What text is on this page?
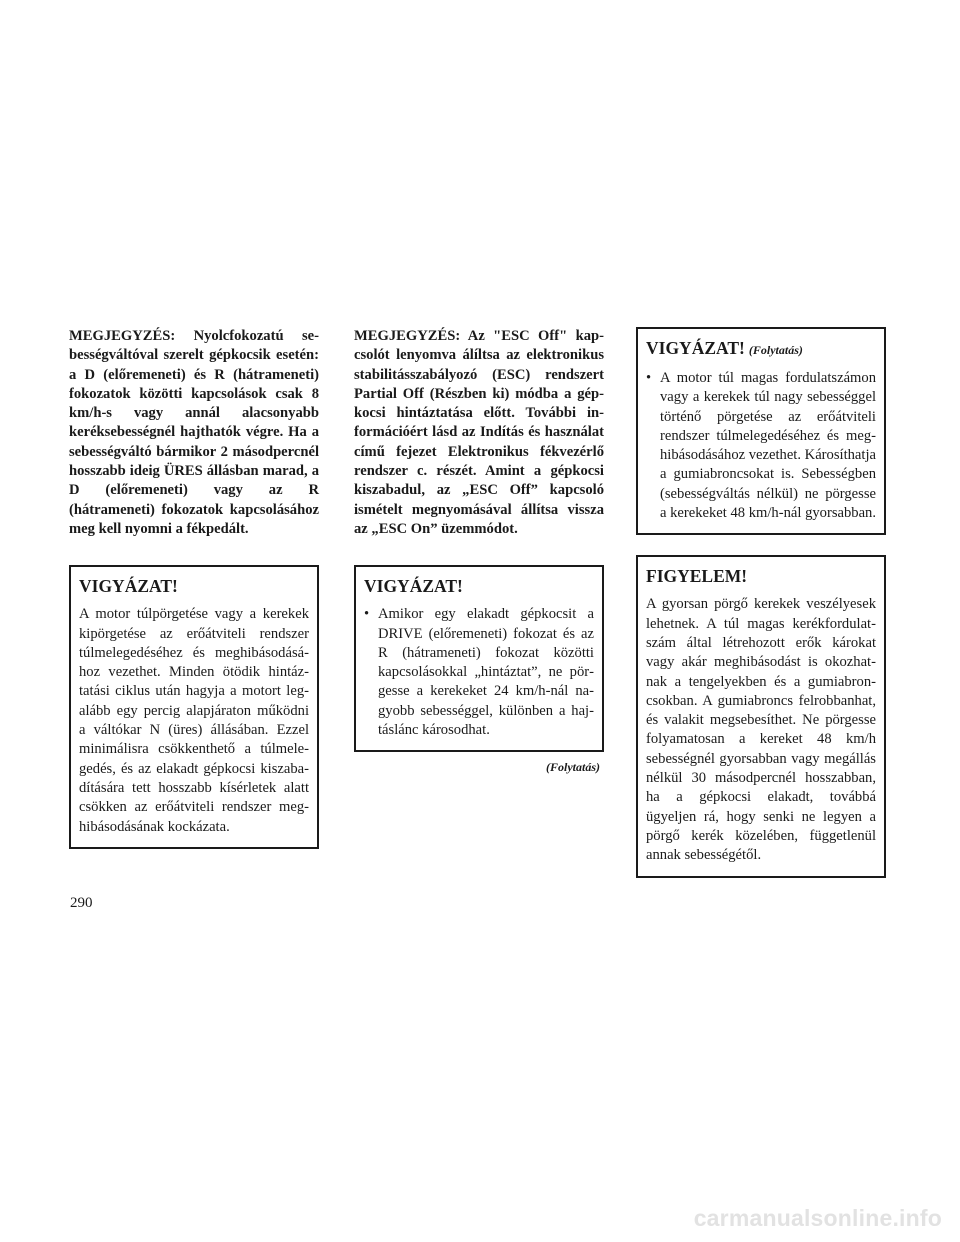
MEGJEGYZÉS: Nyolcfokozatú sebességváltóval szerelt gépkocsik esetén: a D (előremeneti) és R (hátrameneti) fokozatok közötti kapcsolások csak 8 km/h-s vagy annál alacsonyabb keréksebességnél hajthatók végre. Ha a sebességváltó bármikor 2 másodpercnél hosszabb ideig ÜRES állásban marad, a D (előremeneti) vagy az R (hátrameneti) fokozatok kapcsolásához meg kell nyomni a fékpedált.
VIGYÁZAT!
A motor túlpörgetése vagy a kerekek kipörgetése az erőátviteli rendszer túlmelegedéséhez és meghibásodásához vezethet. Minden ötödik hintáztatási ciklus után hagyja a motort legalább egy percig alapjáraton működni a váltókar N (üres) állásában. Ezzel minimálisra csökkenthető a túlmelegedés, és az elakadt gépkocsi kiszabadítására tett hosszabb kísérletek alatt csökken az erőátviteli rendszer meghibásodásának kockázata.
MEGJEGYZÉS: Az "ESC Off" kapcsolót lenyomva álíltsa az elektronikus stabilitásszabályozó (ESC) rendszert Partial Off (Részben ki) módba a gépkocsi hintáztatása előtt. További információért lásd az Indítás és használat című fejezet Elektronikus fékvezérlő rendszer c. részét. Amint a gépkocsi kiszabadul, az „ESC Off” kapcsoló ismételt megnyomásával állítsa vissza az „ESC On” üzemmódot.
VIGYÁZAT!
• Amikor egy elakadt gépkocsit a DRIVE (előremeneti) fokozat és az R (hátrameneti) fokozat közötti kapcsolásokkal „hintáztat”, ne pörgesse a kerekeket 24 km/h-nál nagyobb sebességgel, különben a hajtáslánc károsodhat.
(Folytatás)
VIGYÁZAT! (Folytatás)
• A motor túl magas fordulatszámon vagy a kerekek túl nagy sebességgel történő pörgetése az erőátviteli rendszer túlmelegedéséhez és meghibásodásához vezethet. Károsíthatja a gumiabroncsokat is. Sebességben (sebességváltás nélkül) ne pörgesse a kerekeket 48 km/h-nál gyorsabban.
FIGYELEM!
A gyorsan pörgő kerekek veszélyesek lehetnek. A túl magas kerékfordulatszám által létrehozott erők károkat vagy akár meghibásodást is okozhatnak a tengelyekben és a gumiabroncsokban. A gumiabroncs felrobbanhat, és valakit megsebesíthet. Ne pörgesse folyamatosan a kereket 48 km/h sebességnél gyorsabban vagy megállás nélkül 30 másodpercnél hosszabban, ha a gépkocsi elakadt, továbbá ügyeljen rá, hogy senki ne legyen a pörgő kerék közelében, függetlenül annak sebességétől.
290
carmanualsonline.info
